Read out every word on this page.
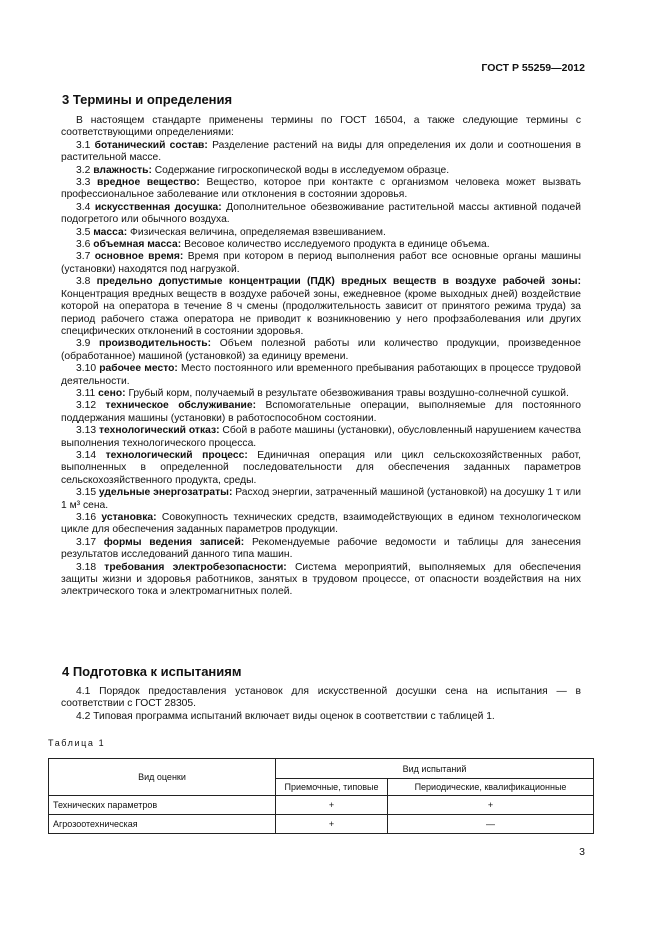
ГОСТ Р 55259—2012
3 Термины и определения

В настоящем стандарте применены термины по ГОСТ 16504, а также следующие термины с соответствующими определениями:

3.1 ботанический состав: Разделение растений на виды для определения их доли и соотношения в растительной массе.

3.2 влажность: Содержание гигроскопической воды в исследуемом образце.

3.3 вредное вещество: Вещество, которое при контакте с организмом человека может вызвать профессиональное заболевание или отклонения в состоянии здоровья.

3.4 искусственная досушка: Дополнительное обезвоживание растительной массы активной подачей подогретого или обычного воздуха.

3.5 масса: Физическая величина, определяемая взвешиванием.

3.6 объемная масса: Весовое количество исследуемого продукта в единице объема.

3.7 основное время: Время при котором в период выполнения работ все основные органы машины (установки) находятся под нагрузкой.

3.8 предельно допустимые концентрации (ПДК) вредных веществ в воздухе рабочей зоны: Концентрация вредных веществ в воздухе рабочей зоны, ежедневное (кроме выходных дней) воздействие которой на оператора в течение 8 ч смены (продолжительность зависит от принятого режима труда) за период рабочего стажа оператора не приводит к возникновению у него профзаболевания или других специфических отклонений в состоянии здоровья.

3.9 производительность: Объем полезной работы или количество продукции, произведенное (обработанное) машиной (установкой) за единицу времени.

3.10 рабочее место: Место постоянного или временного пребывания работающих в процессе трудовой деятельности.

3.11 сено: Грубый корм, получаемый в результате обезвоживания травы воздушно-солнечной сушкой.

3.12 техническое обслуживание: Вспомогательные операции, выполняемые для постоянного поддержания машины (установки) в работоспособном состоянии.

3.13 технологический отказ: Сбой в работе машины (установки), обусловленный нарушением качества выполнения технологического процесса.

3.14 технологический процесс: Единичная операция или цикл сельскохозяйственных работ, выполненных в определенной последовательности для обеспечения заданных параметров сельскохозяйственного продукта, среды.

3.15 удельные энергозатраты: Расход энергии, затраченный машиной (установкой) на досушку 1 т или 1 м³ сена.

3.16 установка: Совокупность технических средств, взаимодействующих в едином технологическом цикле для обеспечения заданных параметров продукции.

3.17 формы ведения записей: Рекомендуемые рабочие ведомости и таблицы для занесения результатов исследований данного типа машин.

3.18 требования электробезопасности: Система мероприятий, выполняемых для обеспечения защиты жизни и здоровья работников, занятых в трудовом процессе, от опасности воздействия на них электрического тока и электромагнитных полей.

4 Подготовка к испытаниям

4.1 Порядок предоставления установок для искусственной досушки сена на испытания — в соответствии с ГОСТ 28305.

4.2 Типовая программа испытаний включает виды оценок в соответствии с таблицей 1.

Таблица 1
Вид оценки	Вид испытаний	
	Приемочные, типовые	Периодические, квалификационные
Технических параметров	+	+
Агрозоотехническая	+	—
3
